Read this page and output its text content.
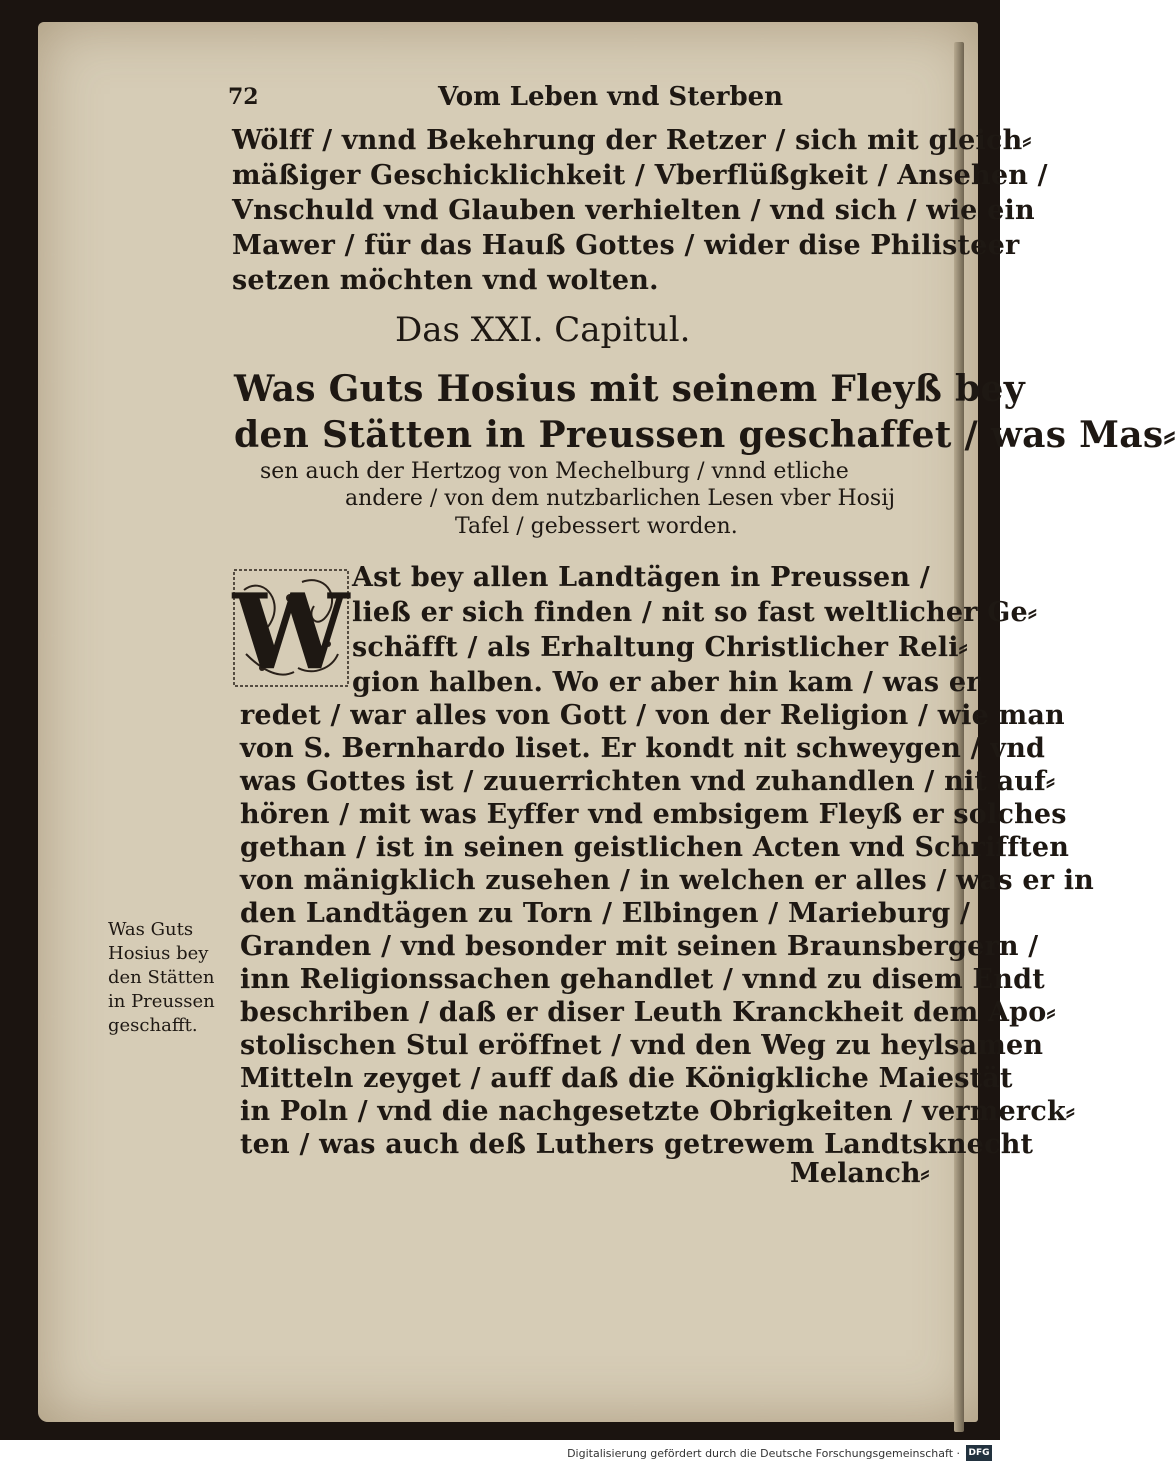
72	Vom Leben vnd Sterben
Wölff / vnnd Bekehrung der Retzer / sich mit gleich⸗
mäßiger Geschicklichkeit / Vberflüßgkeit / Ansehen /
Vnschuld vnd Glauben verhielten / vnd sich / wie ein
Mawer / für das Hauß Gottes / wider dise Philisteer
setzen möchten vnd wolten.
Das XXI. Capitul.
Was Guts Hosius mit seinem Fleyß bey
den Stätten in Preussen geschaffet / was Mas⸗
sen auch der Hertzog von Mechelburg / vnnd etliche
andere / von dem nutzbarlichen Lesen vber Hosij
Tafel / gebessert worden.
W Ast bey allen Landtägen in Preussen /
ließ er sich finden / nit so fast weltlicher Ge⸗
schäfft / als Erhaltung Christlicher Reli⸗
gion halben. Wo er aber hin kam / was er
redet / war alles von Gott / von der Religion / wie man
von S. Bernhardo liset. Er kondt nit schweygen / vnd
was Gottes ist / zuuerrichten vnd zuhandlen / nit auf⸗
hören / mit was Eyffer vnd embsigem Fleyß er solches
gethan / ist in seinen geistlichen Acten vnd Schrifften
von mänigklich zusehen / in welchen er alles / was er in
den Landtägen zu Torn / Elbingen / Marieburg /
Granden / vnd besonder mit seinen Braunsbergern /
inn Religionssachen gehandlet / vnnd zu disem Endt
beschriben / daß er diser Leuth Kranckheit dem Apo⸗
stolischen Stul eröffnet / vnd den Weg zu heylsamen
Mitteln zeyget / auff daß die Königkliche Maiestät
in Poln / vnd die nachgesetzte Obrigkeiten / vermerck⸗
ten / was auch deß Luthers getrewem Landtsknecht
Melanch⸗
Was Guts
Hosius bey
den Stätten
in Preussen
geschafft.
Digitalisierung gefördert durch die Deutsche Forschungsgemeinschaft · DFG
